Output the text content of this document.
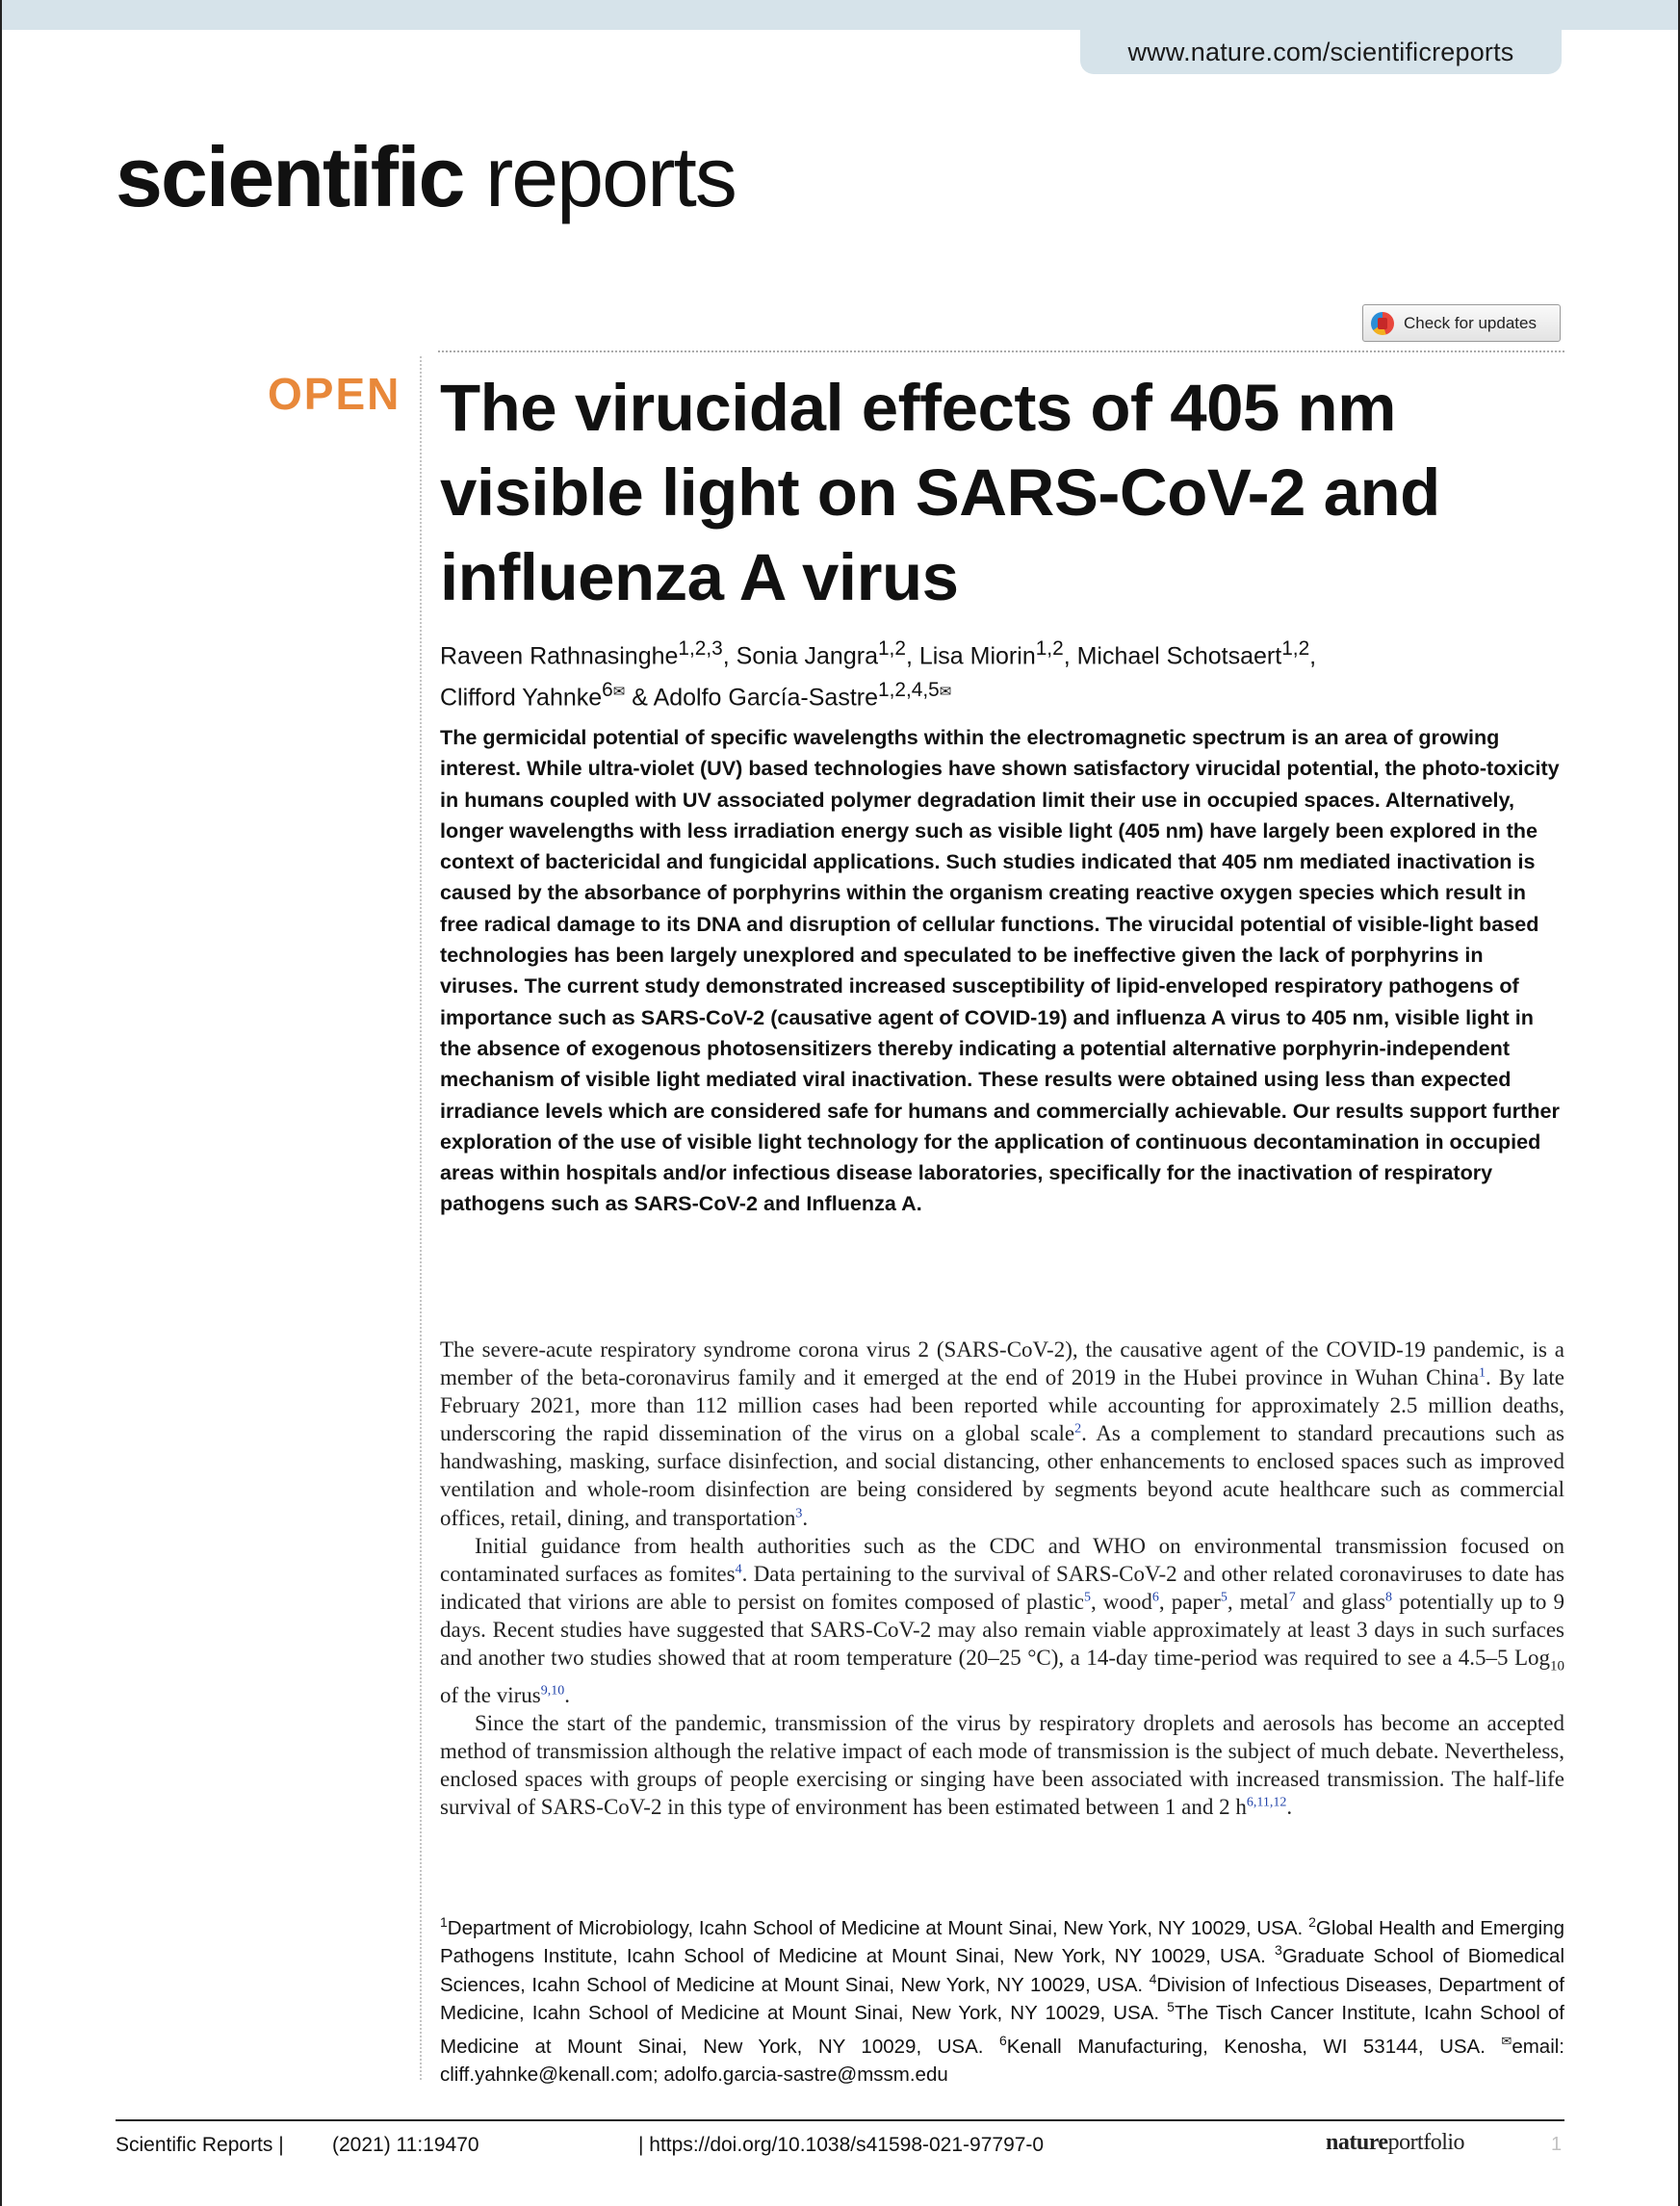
www.nature.com/scientificreports
scientific reports
Check for updates
OPEN The virucidal effects of 405 nm visible light on SARS-CoV-2 and influenza A virus
Raveen Rathnasinghe$^{1,2,3}$, Sonia Jangra$^{1,2}$, Lisa Miorin$^{1,2}$, Michael Schotsaert$^{1,2}$,
Clifford Yahnke$^{6✉}$ & Adolfo García-Sastre$^{1,2,4,5✉}$

The germicidal potential of specific wavelengths within the electromagnetic spectrum is an area of growing interest. While ultra-violet (UV) based technologies have shown satisfactory virucidal potential, the photo-toxicity in humans coupled with UV associated polymer degradation limit their use in occupied spaces. Alternatively, longer wavelengths with less irradiation energy such as visible light (405 nm) have largely been explored in the context of bactericidal and fungicidal applications. Such studies indicated that 405 nm mediated inactivation is caused by the absorbance of porphyrins within the organism creating reactive oxygen species which result in free radical damage to its DNA and disruption of cellular functions. The virucidal potential of visible-light based technologies has been largely unexplored and speculated to be ineffective given the lack of porphyrins in viruses. The current study demonstrated increased susceptibility of lipid-enveloped respiratory pathogens of importance such as SARS-CoV-2 (causative agent of COVID-19) and influenza A virus to 405 nm, visible light in the absence of exogenous photosensitizers thereby indicating a potential alternative porphyrin-independent mechanism of visible light mediated viral inactivation. These results were obtained using less than expected irradiance levels which are considered safe for humans and commercially achievable. Our results support further exploration of the use of visible light technology for the application of continuous decontamination in occupied areas within hospitals and/or infectious disease laboratories, specifically for the inactivation of respiratory pathogens such as SARS-CoV-2 and Influenza A.

The severe-acute respiratory syndrome corona virus 2 (SARS-CoV-2), the causative agent of the COVID-19 pandemic, is a member of the beta-coronavirus family and it emerged at the end of 2019 in the Hubei province in Wuhan China$^1$. By late February 2021, more than 112 million cases had been reported while accounting for approximately 2.5 million deaths, underscoring the rapid dissemination of the virus on a global scale$^2$. As a complement to standard precautions such as handwashing, masking, surface disinfection, and social distancing, other enhancements to enclosed spaces such as improved ventilation and whole-room disinfection are being considered by segments beyond acute healthcare such as commercial offices, retail, dining, and transportation$^3$.

Initial guidance from health authorities such as the CDC and WHO on environmental transmission focused on contaminated surfaces as fomites$^4$. Data pertaining to the survival of SARS-CoV-2 and other related coronaviruses to date has indicated that virions are able to persist on fomites composed of plastic$^5$, wood$^6$, paper$^5$, metal$^7$ and glass$^8$ potentially up to 9 days. Recent studies have suggested that SARS-CoV-2 may also remain viable approximately at least 3 days in such surfaces and another two studies showed that at room temperature (20–25 °C), a 14-day time-period was required to see a 4.5–5 Log$_{10}$ of the virus$^{9,10}$.

Since the start of the pandemic, transmission of the virus by respiratory droplets and aerosols has become an accepted method of transmission although the relative impact of each mode of transmission is the subject of much debate. Nevertheless, enclosed spaces with groups of people exercising or singing have been associated with increased transmission. The half-life survival of SARS-CoV-2 in this type of environment has been estimated between 1 and 2 $h^{6,11,12}$.

$^1$Department of Microbiology, Icahn School of Medicine at Mount Sinai, New York, NY 10029, USA. $^2$Global Health and Emerging Pathogens Institute, Icahn School of Medicine at Mount Sinai, New York, NY 10029, USA. $^3$Graduate School of Biomedical Sciences, Icahn School of Medicine at Mount Sinai, New York, NY 10029, USA. $^4$Division of Infectious Diseases, Department of Medicine, Icahn School of Medicine at Mount Sinai, New York, NY 10029, USA. $^5$The Tisch Cancer Institute, Icahn School of Medicine at Mount Sinai, New York, NY 10029, USA. $^6$Kenall Manufacturing, Kenosha, WI 53144, USA. ✉email: cliff.yahnke@kenall.com; adolfo.garcia-sastre@mssm.edu

Scientific Reports | (2021) 11:19470	| https://doi.org/10.1038/s41598-021-97797-0	natureportfolio	1
